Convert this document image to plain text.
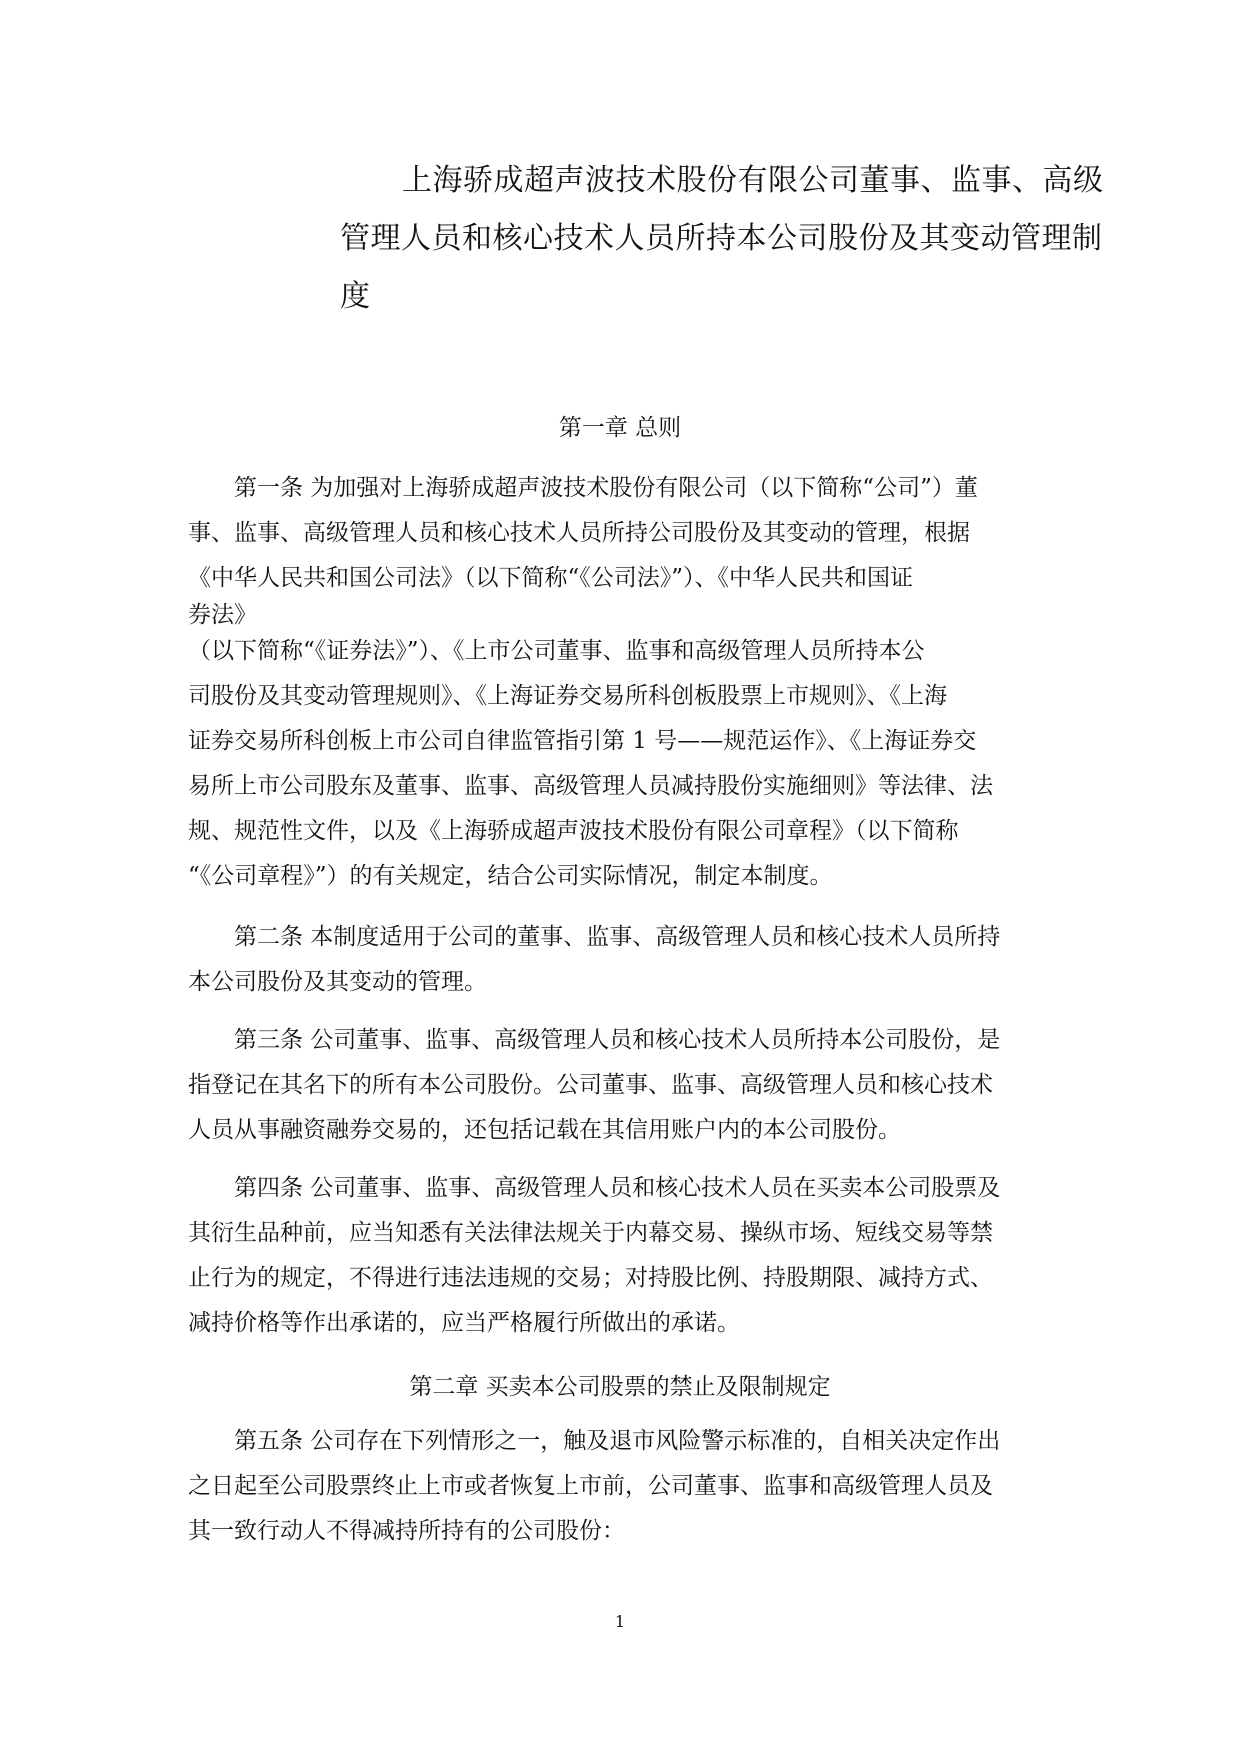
上海骄成超声波技术股份有限公司董事、监事、高级
管理人员和核心技术人员所持本公司股份及其变动管理制
度
第一章 总则
第一条 为加强对上海骄成超声波技术股份有限公司（以下简称“公司”）董
事、监事、高级管理人员和核心技术人员所持公司股份及其变动的管理，根据
《中华人民共和国公司法》（以下简称“《公司法》”）、《中华人民共和国证
券法》
（以下简称“《证券法》”）、《上市公司董事、监事和高级管理人员所持本公
司股份及其变动管理规则》、《上海证券交易所科创板股票上市规则》、《上海
证券交易所科创板上市公司自律监管指引第 1 号——规范运作》、《上海证券交
易所上市公司股东及董事、监事、高级管理人员减持股份实施细则》等法律、法
规、规范性文件，以及《上海骄成超声波技术股份有限公司章程》（以下简称
“《公司章程》”）的有关规定，结合公司实际情况，制定本制度。
第二条 本制度适用于公司的董事、监事、高级管理人员和核心技术人员所持
本公司股份及其变动的管理。
第三条 公司董事、监事、高级管理人员和核心技术人员所持本公司股份，是
指登记在其名下的所有本公司股份。公司董事、监事、高级管理人员和核心技术
人员从事融资融券交易的，还包括记载在其信用账户内的本公司股份。
第四条 公司董事、监事、高级管理人员和核心技术人员在买卖本公司股票及
其衍生品种前，应当知悉有关法律法规关于内幕交易、操纵市场、短线交易等禁
止行为的规定，不得进行违法违规的交易；对持股比例、持股期限、减持方式、
减持价格等作出承诺的，应当严格履行所做出的承诺。
第二章 买卖本公司股票的禁止及限制规定
第五条 公司存在下列情形之一，触及退市风险警示标准的，自相关决定作出
之日起至公司股票终止上市或者恢复上市前，公司董事、监事和高级管理人员及
其一致行动人不得减持所持有的公司股份：
1
